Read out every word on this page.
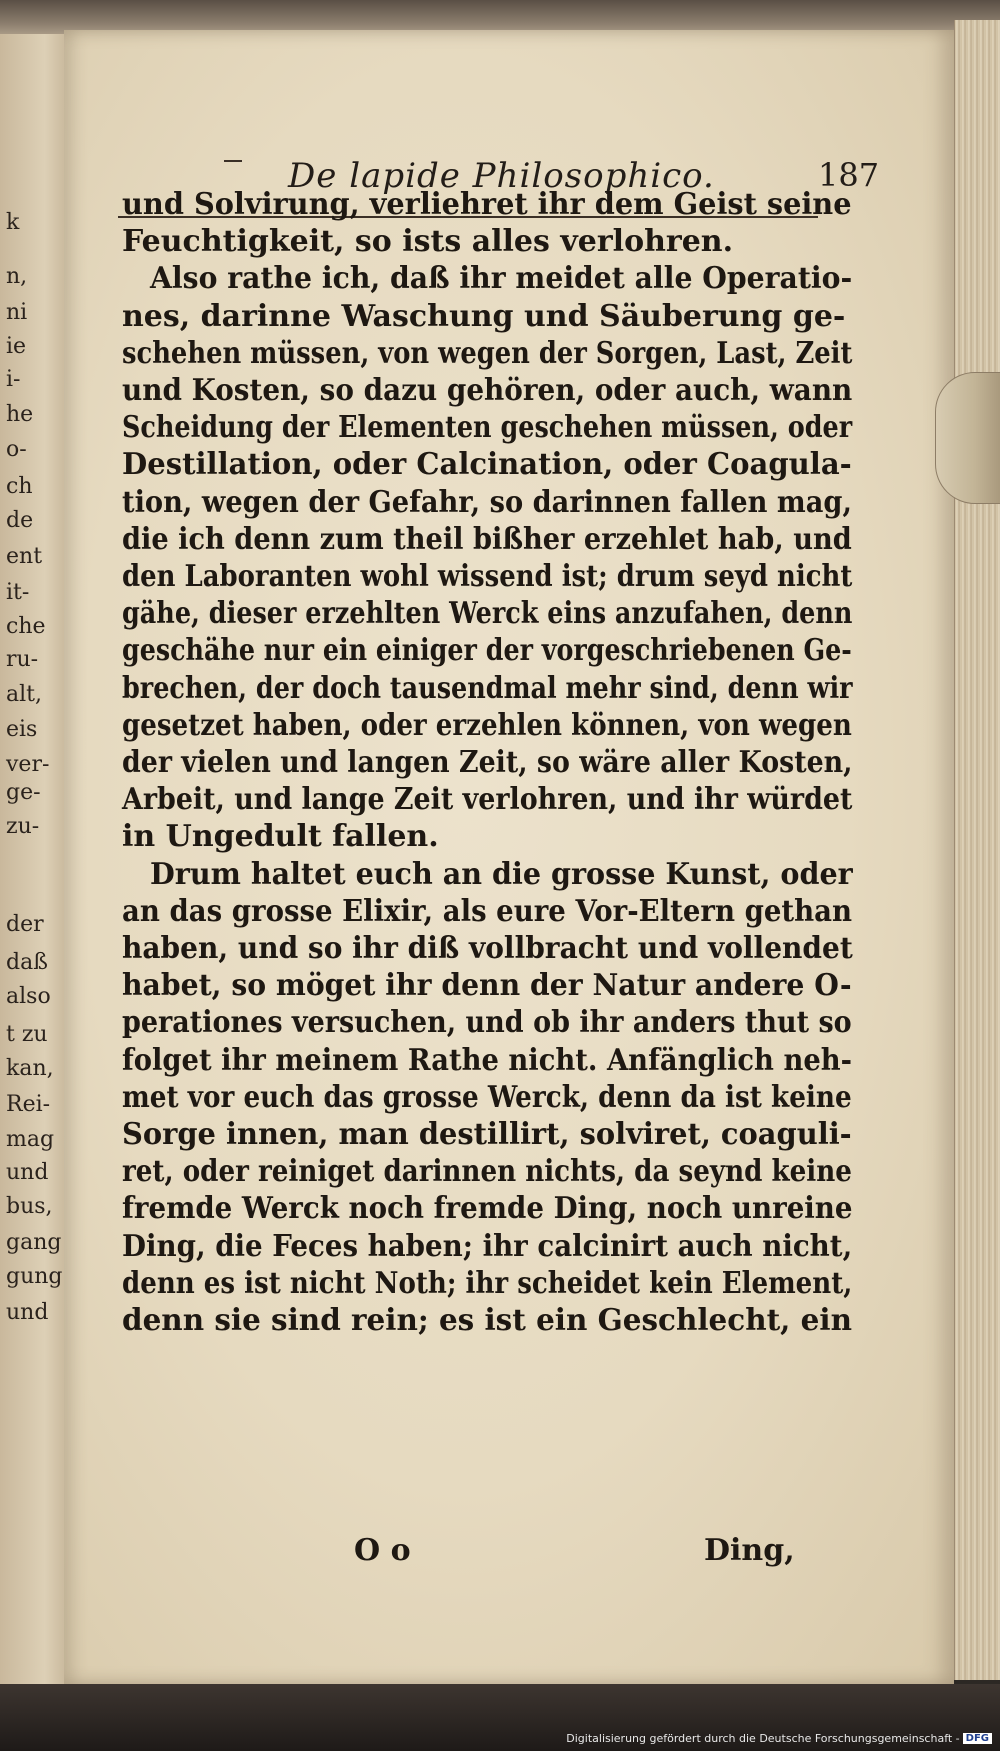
k
n,
ni
ie
i-
he
o-
ch
de
ent
it-
che
ru-
alt,
eis
ver-
ge-
zu-
der
daß
also
t zu
kan,
Rei-
mag
und
bus,
gang
gung
und
De lapide Philosophico.	187
und Solvirung, verliehret ihr dem Geist seine
Feuchtigkeit, so ists alles verlohren.
Also rathe ich, daß ihr meidet alle Operatio-
nes, darinne Waschung und Säuberung ge-
schehen müssen, von wegen der Sorgen, Last, Zeit
und Kosten, so dazu gehören, oder auch, wann
Scheidung der Elementen geschehen müssen, oder
Destillation, oder Calcination, oder Coagula-
tion, wegen der Gefahr, so darinnen fallen mag,
die ich denn zum theil bißher erzehlet hab, und
den Laboranten wohl wissend ist; drum seyd nicht
gähe, dieser erzehlten Werck eins anzufahen, denn
geschähe nur ein einiger der vorgeschriebenen Ge-
brechen, der doch tausendmal mehr sind, denn wir
gesetzet haben, oder erzehlen können, von wegen
der vielen und langen Zeit, so wäre aller Kosten,
Arbeit, und lange Zeit verlohren, und ihr würdet
in Ungedult fallen.
Drum haltet euch an die grosse Kunst, oder
an das grosse Elixir, als eure Vor-Eltern gethan
haben, und so ihr diß vollbracht und vollendet
habet, so möget ihr denn der Natur andere O-
perationes versuchen, und ob ihr anders thut so
folget ihr meinem Rathe nicht. Anfänglich neh-
met vor euch das grosse Werck, denn da ist keine
Sorge innen, man destillirt, solviret, coaguli-
ret, oder reiniget darinnen nichts, da seynd keine
fremde Werck noch fremde Ding, noch unreine
Ding, die Feces haben; ihr calcinirt auch nicht,
denn es ist nicht Noth; ihr scheidet kein Element,
denn sie sind rein; es ist ein Geschlecht, ein
O o	Ding,
Digitalisierung gefördert durch die Deutsche Forschungsgemeinschaft - DFG
